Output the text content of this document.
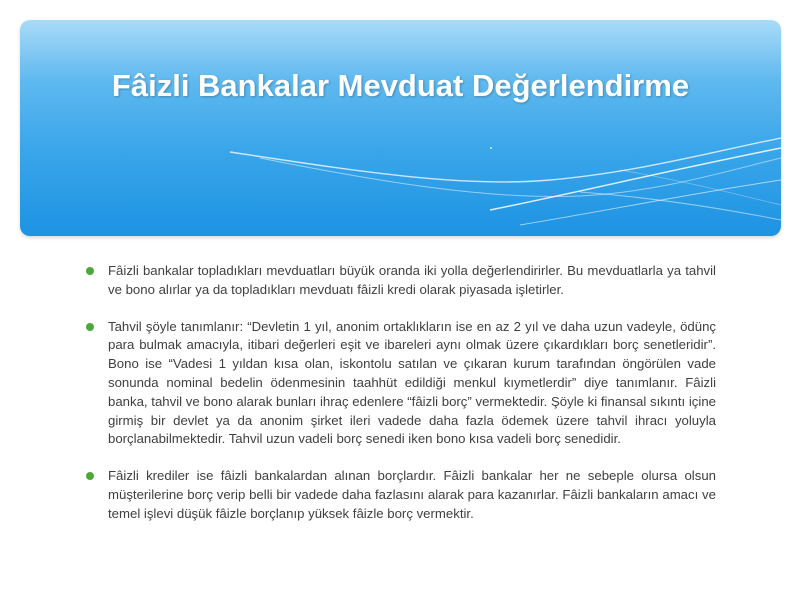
Fâizli Bankalar Mevduat Değerlendirme
Fâizli bankalar topladıkları mevduatları büyük oranda iki yolla değerlendirirler. Bu mevduatlarla ya tahvil ve bono alırlar ya da topladıkları mevduatı fâizli kredi olarak piyasada işletirler.
Tahvil şöyle tanımlanır: “Devletin 1 yıl, anonim ortaklıkların ise en az 2 yıl ve daha uzun vadeyle, ödünç para bulmak amacıyla, itibari değerleri eşit ve ibareleri aynı olmak üzere çıkardıkları borç senetleridir”. Bono ise “Vadesi 1 yıldan kısa olan, iskontolu satılan ve çıkaran kurum tarafından öngörülen vade sonunda nominal bedelin ödenmesinin taahhüt edildiği menkul kıymetlerdir” diye tanımlanır. Fâizli banka, tahvil ve bono alarak bunları ihraç edenlere “fâizli borç” vermektedir. Şöyle ki finansal sıkıntı içine girmiş bir devlet ya da anonim şirket ileri vadede daha fazla ödemek üzere tahvil ihracı yoluyla borçlanabilmektedir. Tahvil uzun vadeli borç senedi iken bono kısa vadeli borç senedidir.
Fâizli krediler ise fâizli bankalardan alınan borçlardır. Fâizli bankalar her ne sebeple olursa olsun müşterilerine borç verip belli bir vadede daha fazlasını alarak para kazanırlar. Fâizli bankaların amacı ve temel işlevi düşük fâizle borçlanıp yüksek fâizle borç vermektir.
